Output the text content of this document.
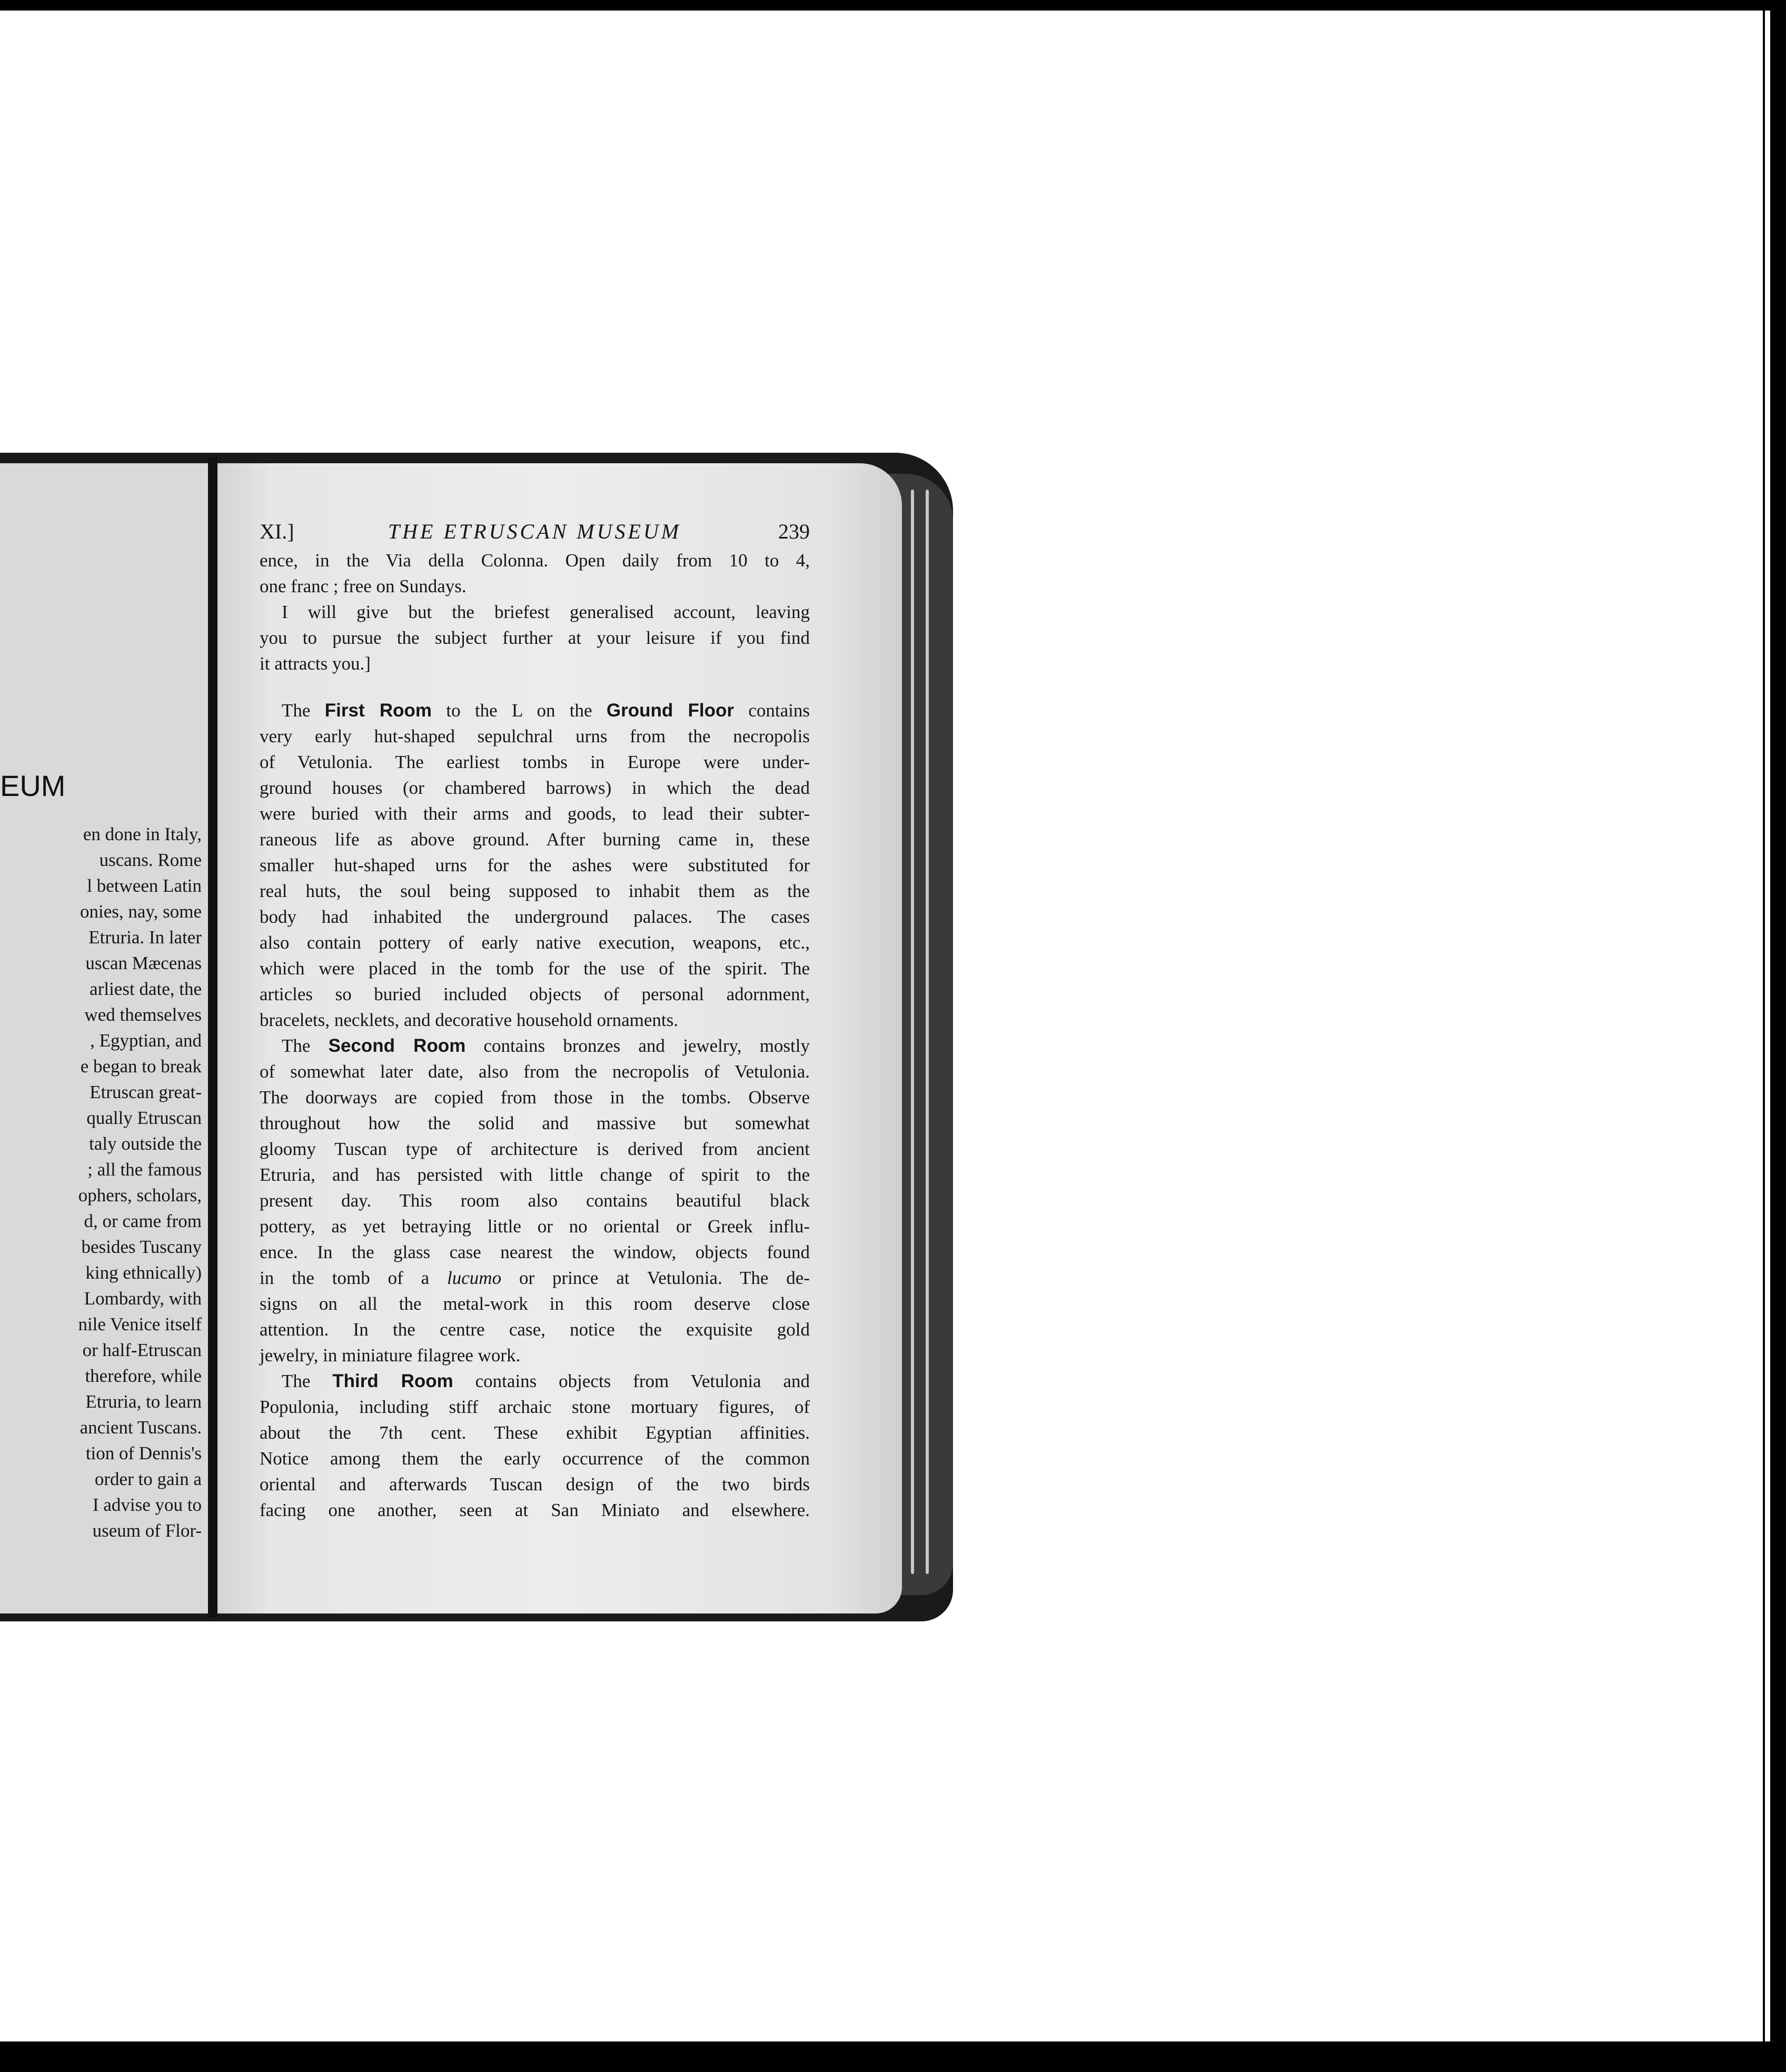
EUM
en done in Italy,
uscans. Rome
l between Latin
onies, nay, some
Etruria. In later
uscan Mæcenas
arliest date, the
wed themselves
, Egyptian, and
e began to break
Etruscan great-
qually Etruscan
taly outside the
; all the famous
ophers, scholars,
d, or came from
besides Tuscany
king ethnically)
Lombardy, with
nile Venice itself
or half-Etruscan
therefore, while
Etruria, to learn
ancient Tuscans.
tion of Dennis's
order to gain a
I advise you to
useum of Flor-
XI.]	THE ETRUSCAN MUSEUM	239
ence, in the Via della Colonna. Open daily from 10 to 4,
one franc ; free on Sundays.
I will give but the briefest generalised account, leaving
you to pursue the subject further at your leisure if you find
it attracts you.]
The First Room to the L on the Ground Floor contains
very early hut-shaped sepulchral urns from the necropolis
of Vetulonia. The earliest tombs in Europe were under-
ground houses (or chambered barrows) in which the dead
were buried with their arms and goods, to lead their subter-
raneous life as above ground. After burning came in, these
smaller hut-shaped urns for the ashes were substituted for
real huts, the soul being supposed to inhabit them as the
body had inhabited the underground palaces. The cases
also contain pottery of early native execution, weapons, etc.,
which were placed in the tomb for the use of the spirit. The
articles so buried included objects of personal adornment,
bracelets, necklets, and decorative household ornaments.
The Second Room contains bronzes and jewelry, mostly
of somewhat later date, also from the necropolis of Vetulonia.
The doorways are copied from those in the tombs. Observe
throughout how the solid and massive but somewhat
gloomy Tuscan type of architecture is derived from ancient
Etruria, and has persisted with little change of spirit to the
present day. This room also contains beautiful black
pottery, as yet betraying little or no oriental or Greek influ-
ence. In the glass case nearest the window, objects found
in the tomb of a lucumo or prince at Vetulonia. The de-
signs on all the metal-work in this room deserve close
attention. In the centre case, notice the exquisite gold
jewelry, in miniature filagree work.
The Third Room contains objects from Vetulonia and
Populonia, including stiff archaic stone mortuary figures, of
about the 7th cent. These exhibit Egyptian affinities.
Notice among them the early occurrence of the common
oriental and afterwards Tuscan design of the two birds
facing one another, seen at San Miniato and elsewhere.
